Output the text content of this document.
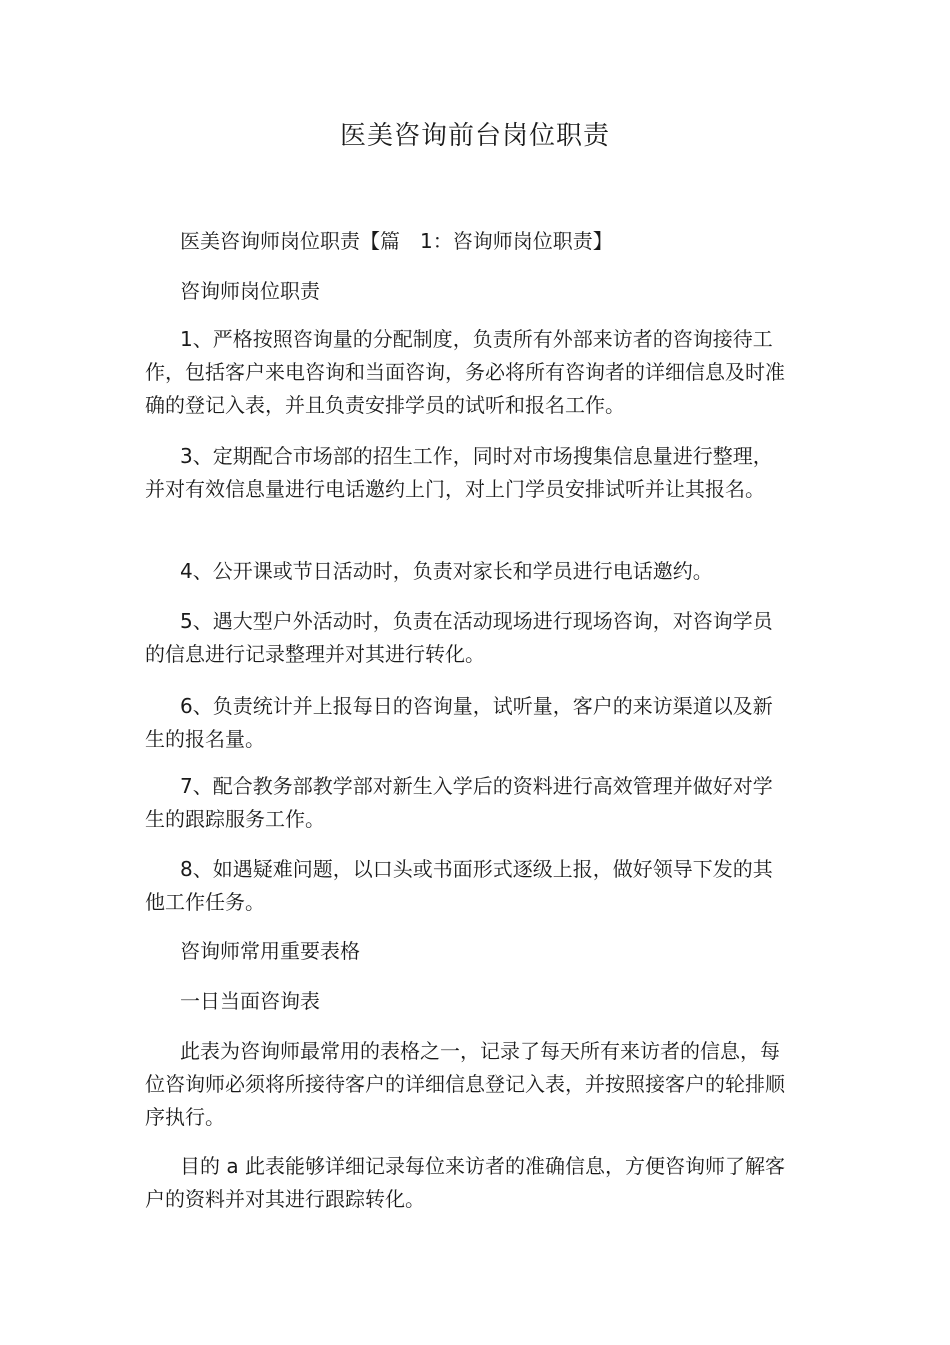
医美咨询前台岗位职责

医美咨询师岗位职责【篇　1：咨询师岗位职责】

咨询师岗位职责

1、严格按照咨询量的分配制度，负责所有外部来访者的咨询接待工作，包括客户来电咨询和当面咨询，务必将所有咨询者的详细信息及时准确的登记入表，并且负责安排学员的试听和报名工作。

3、定期配合市场部的招生工作，同时对市场搜集信息量进行整理，并对有效信息量进行电话邀约上门，对上门学员安排试听并让其报名。

4、公开课或节日活动时，负责对家长和学员进行电话邀约。

5、遇大型户外活动时，负责在活动现场进行现场咨询，对咨询学员的信息进行记录整理并对其进行转化。

6、负责统计并上报每日的咨询量，试听量，客户的来访渠道以及新生的报名量。

7、配合教务部教学部对新生入学后的资料进行高效管理并做好对学生的跟踪服务工作。

8、如遇疑难问题，以口头或书面形式逐级上报，做好领导下发的其他工作任务。

咨询师常用重要表格

一日当面咨询表

此表为咨询师最常用的表格之一，记录了每天所有来访者的信息，每位咨询师必须将所接待客户的详细信息登记入表，并按照接客户的轮排顺序执行。

目的 a 此表能够详细记录每位来访者的准确信息，方便咨询师了解客户的资料并对其进行跟踪转化。
